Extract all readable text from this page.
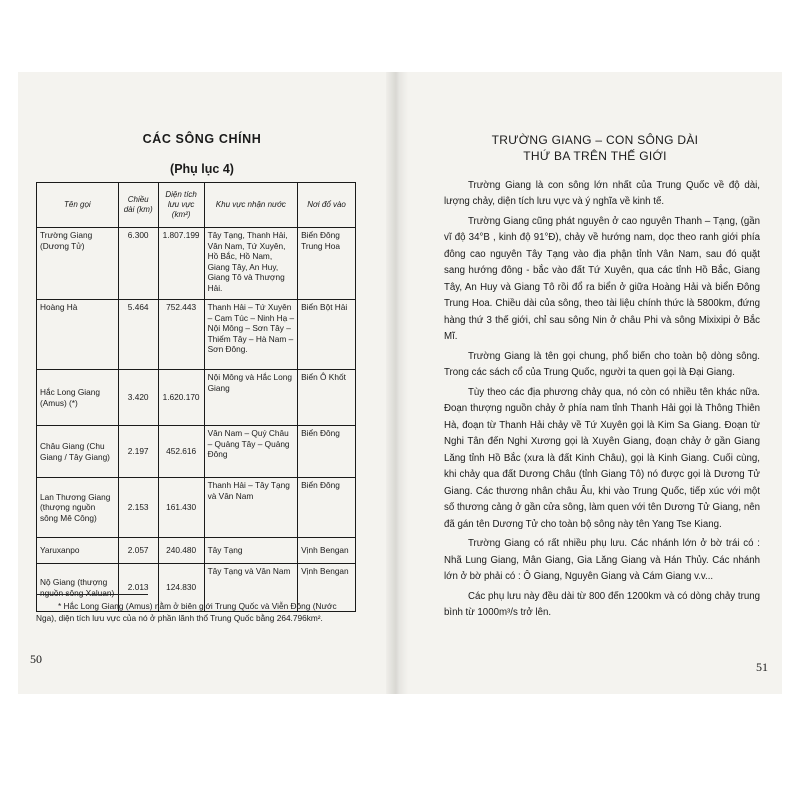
CÁC SÔNG CHÍNH
(Phụ lục 4)
Tên gọi	Chiều dài (km)	Diện tích lưu vực (km²)	Khu vực nhận nước	Nơi đổ vào
Trường Giang (Dương Tử)	6.300	1.807.199	Tây Tạng, Thanh Hải, Vân Nam, Tứ Xuyên, Hồ Bắc, Hồ Nam, Giang Tây, An Huy, Giang Tô và Thượng Hải.	Biển Đông Trung Hoa
Hoàng Hà	5.464	752.443	Thanh Hải – Tứ Xuyên – Cam Túc – Ninh Hạ – Nội Mông – Sơn Tây – Thiểm Tây – Hà Nam – Sơn Đông.	Biển Bột Hải
Hắc Long Giang (Amus) (*)	3.420	1.620.170	Nội Mông và Hắc Long Giang	Biển Ô Khốt
Châu Giang (Chu Giang / Tây Giang)	2.197	452.616	Vân Nam – Quý Châu – Quảng Tây – Quảng Đông	Biển Đông
Lan Thương Giang (thượng nguồn sông Mê Công)	2.153	161.430	Thanh Hải – Tây Tạng và Vân Nam	Biển Đông
Yaruxanpo	2.057	240.480	Tây Tạng	Vịnh Bengan
Nộ Giang (thượng nguồn sông Xaluan)	2.013	124.830	Tây Tạng và Vân Nam	Vịnh Bengan
* Hắc Long Giang (Amus) nằm ở biên giới Trung Quốc và Viễn Đông (Nước Nga), diện tích lưu vực của nó ở phần lãnh thổ Trung Quốc bằng 264.796km².
50
TRƯỜNG GIANG – CON SÔNG DÀI
THỨ BA TRÊN THẾ GIỚI

Trường Giang là con sông lớn nhất của Trung Quốc về độ dài, lượng chảy, diện tích lưu vực và ý nghĩa về kinh tế.

Trường Giang cũng phát nguyên ở cao nguyên Thanh – Tạng, (gần vĩ độ 34°B , kinh độ 91°Đ), chảy về hướng nam, dọc theo ranh giới phía đông cao nguyên Tây Tạng vào địa phận tỉnh Vân Nam, sau đó quặt sang hướng đông - bắc vào đất Tứ Xuyên, qua các tỉnh Hồ Bắc, Giang Tây, An Huy và Giang Tô rồi đổ ra biển ở giữa Hoàng Hải và biển Đông Trung Hoa. Chiều dài của sông, theo tài liệu chính thức là 5800km, đứng hàng thứ 3 thế giới, chỉ sau sông Nin ở châu Phi và sông Mixixipi ở Bắc Mĩ.

Trường Giang là tên gọi chung, phổ biến cho toàn bộ dòng sông. Trong các sách cổ của Trung Quốc, người ta quen gọi là Đại Giang.

Tùy theo các địa phương chảy qua, nó còn có nhiều tên khác nữa. Đoạn thượng nguồn chảy ở phía nam tỉnh Thanh Hải gọi là Thông Thiên Hà, đoạn từ Thanh Hải chảy về Tứ Xuyên gọi là Kim Sa Giang. Đoạn từ Nghi Tân đến Nghi Xương gọi là Xuyên Giang, đoạn chảy ở gần Giang Lăng tỉnh Hồ Bắc (xưa là đất Kinh Châu), gọi là Kinh Giang. Cuối cùng, khi chảy qua đất Dương Châu (tỉnh Giang Tô) nó được gọi là Dương Tử Giang. Các thương nhân châu Âu, khi vào Trung Quốc, tiếp xúc với một số thương cảng ở gần cửa sông, làm quen với tên Dương Tử Giang, nên đã gán tên Dương Tử cho toàn bộ sông này tên Yang Tse Kiang.

Trường Giang có rất nhiều phụ lưu. Các nhánh lớn ở bờ trái có : Nhã Lung Giang, Mân Giang, Gia Lăng Giang và Hán Thủy. Các nhánh lớn ở bờ phải có : Ô Giang, Nguyên Giang và Cám Giang v.v...

Các phụ lưu này đều dài từ 800 đến 1200km và có dòng chảy trung bình từ 1000m³/s trở lên.

51
